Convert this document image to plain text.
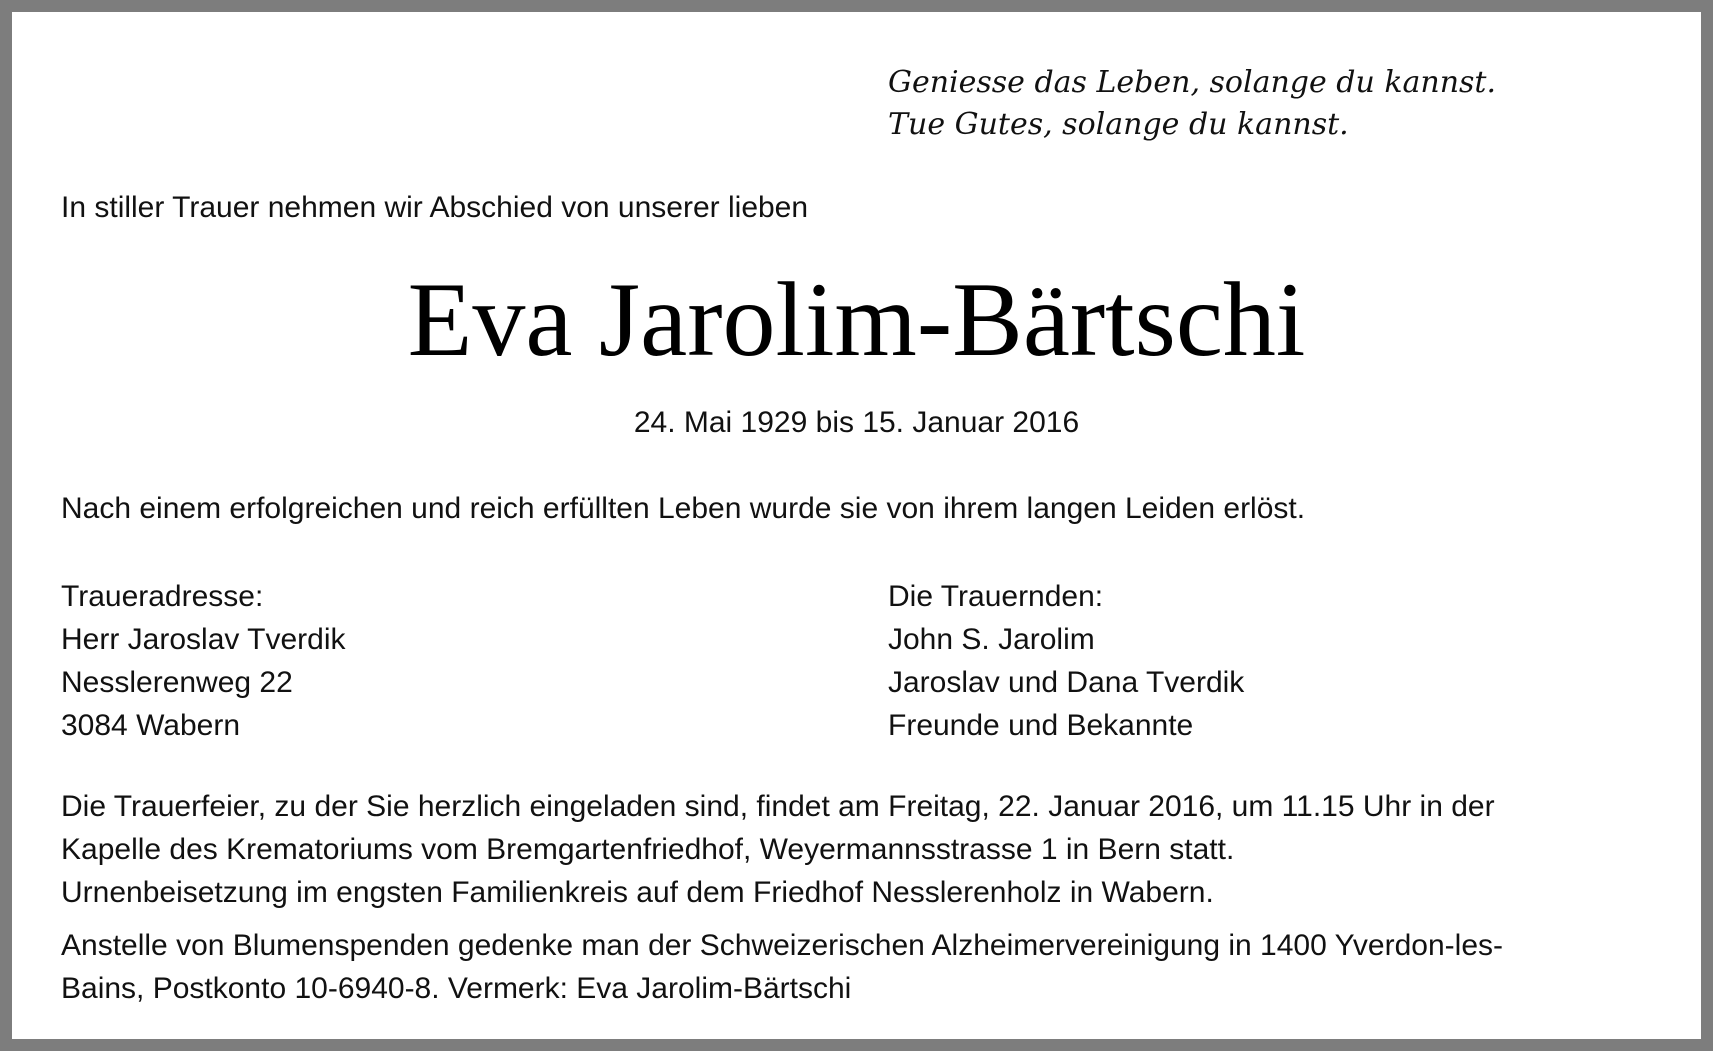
Geniesse das Leben, solange du kannst.
Tue Gutes, solange du kannst.
In stiller Trauer nehmen wir Abschied von unserer lieben
Eva Jarolim-Bärtschi
24. Mai 1929 bis 15. Januar 2016
Nach einem erfolgreichen und reich erfüllten Leben wurde sie von ihrem langen Leiden erlöst.
Traueradresse:
Herr Jaroslav Tverdik
Nesslerenweg 22
3084 Wabern
Die Trauernden:
John S. Jarolim
Jaroslav und Dana Tverdik
Freunde und Bekannte
Die Trauerfeier, zu der Sie herzlich eingeladen sind, findet am Freitag, 22. Januar 2016, um 11.15 Uhr in der
Kapelle des Krematoriums vom Bremgartenfriedhof, Weyermannsstrasse 1 in Bern statt.
Urnenbeisetzung im engsten Familienkreis auf dem Friedhof Nesslerenholz in Wabern.
Anstelle von Blumenspenden gedenke man der Schweizerischen Alzheimervereinigung in 1400 Yverdon-les-
Bains, Postkonto 10-6940-8. Vermerk: Eva Jarolim-Bärtschi
